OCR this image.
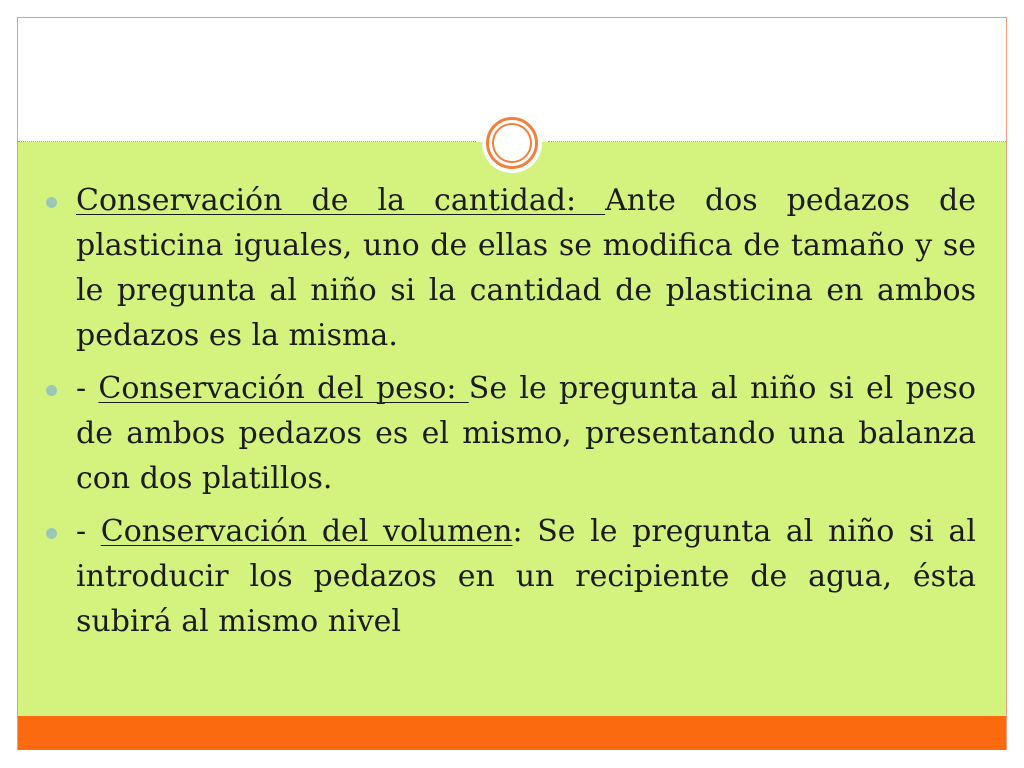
Conservación de la cantidad: Ante dos pedazos de plasticina iguales, uno de ellas se modifica de tamaño y se le pregunta al niño si la cantidad de plasticina en ambos pedazos es la misma.
- Conservación del peso: Se le pregunta al niño si el peso de ambos pedazos es el mismo, presentando una balanza con dos platillos.
- Conservación del volumen: Se le pregunta al niño si al introducir los pedazos en un recipiente de agua, ésta subirá al mismo nivel
